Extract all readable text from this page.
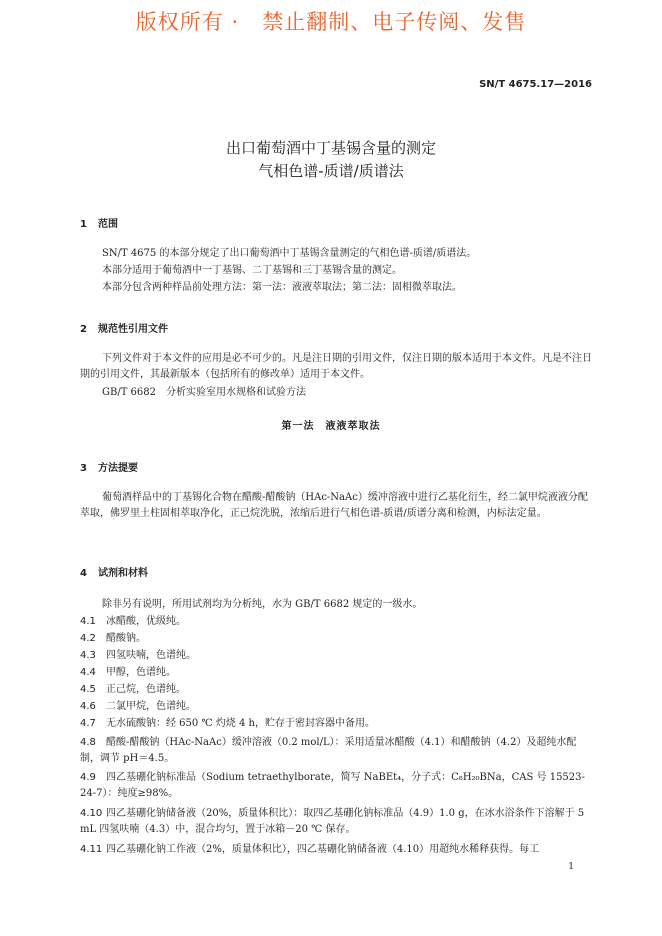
版权所有 ·   禁止翻制、电子传阅、发售
SN/T 4675.17—2016
出口葡萄酒中丁基锡含量的测定
气相色谱-质谱/质谱法
1 范围
SN/T 4675 的本部分规定了出口葡萄酒中丁基锡含量测定的气相色谱-质谱/质谱法。
本部分适用于葡萄酒中一丁基锡、二丁基锡和三丁基锡含量的测定。
本部分包含两种样品前处理方法：第一法：液液萃取法；第二法：固相微萃取法。
2 规范性引用文件
下列文件对于本文件的应用是必不可少的。凡是注日期的引用文件，仅注日期的版本适用于本文件。凡是不注日期的引用文件，其最新版本（包括所有的修改单）适用于本文件。
GB/T 6682　分析实验室用水规格和试验方法
第一法　液液萃取法
3 方法提要
葡萄酒样品中的丁基锡化合物在醋酸-醋酸钠（HAc-NaAc）缓冲溶液中进行乙基化衍生，经二氯甲烷液液分配萃取，佛罗里土柱固相萃取净化，正己烷洗脱，浓缩后进行气相色谱-质谱/质谱分离和检测，内标法定量。
4 试剂和材料
除非另有说明，所用试剂均为分析纯，水为 GB/T 6682 规定的一级水。
4.1 冰醋酸，优级纯。
4.2 醋酸钠。
4.3 四氢呋喃，色谱纯。
4.4 甲醇，色谱纯。
4.5 正己烷，色谱纯。
4.6 二氯甲烷，色谱纯。
4.7 无水硫酸钠：经 650 ℃ 灼烧 4 h，贮存于密封容器中备用。
4.8 醋酸-醋酸钠（HAc-NaAc）缓冲溶液（0.2 mol/L）：采用适量冰醋酸（4.1）和醋酸钠（4.2）及超纯水配制，调节 pH＝4.5。
4.9 四乙基硼化钠标准品（Sodium tetraethylborate，简写 NaBEt₄，分子式：C₈H₂₀BNa，CAS 号 15523-24-7）：纯度≥98%。
4.10 四乙基硼化钠储备液（20%，质量体积比）：取四乙基硼化钠标准品（4.9）1.0 g，在冰水浴条件下溶解于 5 mL 四氢呋喃（4.3）中，混合均匀，置于冰箱－20 ℃ 保存。
4.11 四乙基硼化钠工作液（2%，质量体积比），四乙基硼化钠储备液（4.10）用超纯水稀释获得。每工
1
